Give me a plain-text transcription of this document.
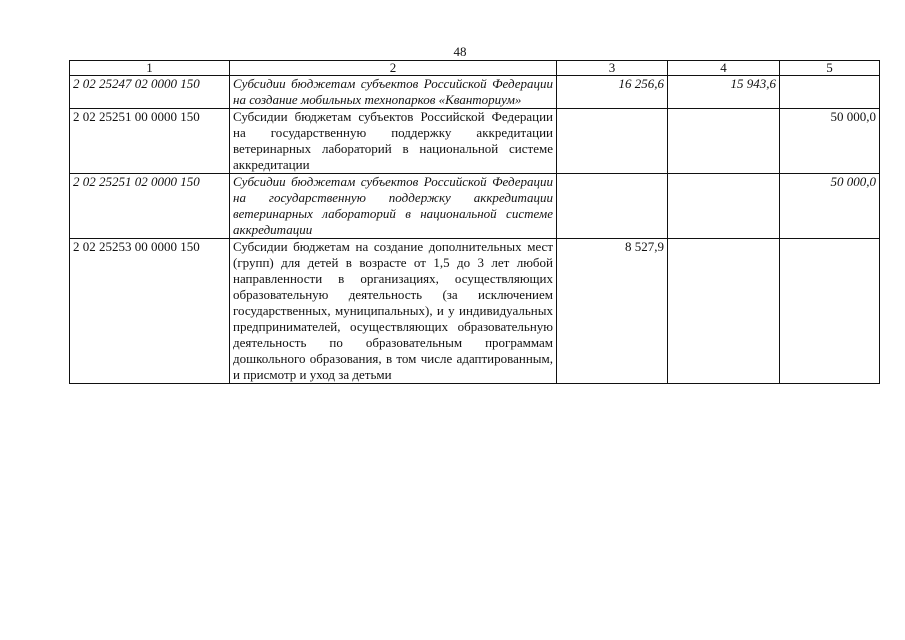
48
1	2	3	4	5
2 02 25247 02 0000 150	Субсидии бюджетам субъектов Российской Федерации на создание мобильных технопарков «Кванториум»	16 256,6	15 943,6	
2 02 25251 00 0000 150	Субсидии бюджетам субъектов Российской Федерации на государственную поддержку аккредитации ветеринарных лабораторий в национальной системе аккредитации			50 000,0
2 02 25251 02 0000 150	Субсидии бюджетам субъектов Российской Федерации на государственную поддержку аккредитации ветеринарных лабораторий в национальной системе аккредитации			50 000,0
2 02 25253 00 0000 150	Субсидии бюджетам на создание дополнительных мест (групп) для детей в возрасте от 1,5 до 3 лет любой направленности в организациях, осуществляющих образовательную деятельность (за исключением государственных, муниципальных), и у индивидуальных предпринимателей, осуществляющих образовательную деятельность по образовательным программам дошкольного образования, в том числе адаптированным, и присмотр и уход за детьми	8 527,9		
